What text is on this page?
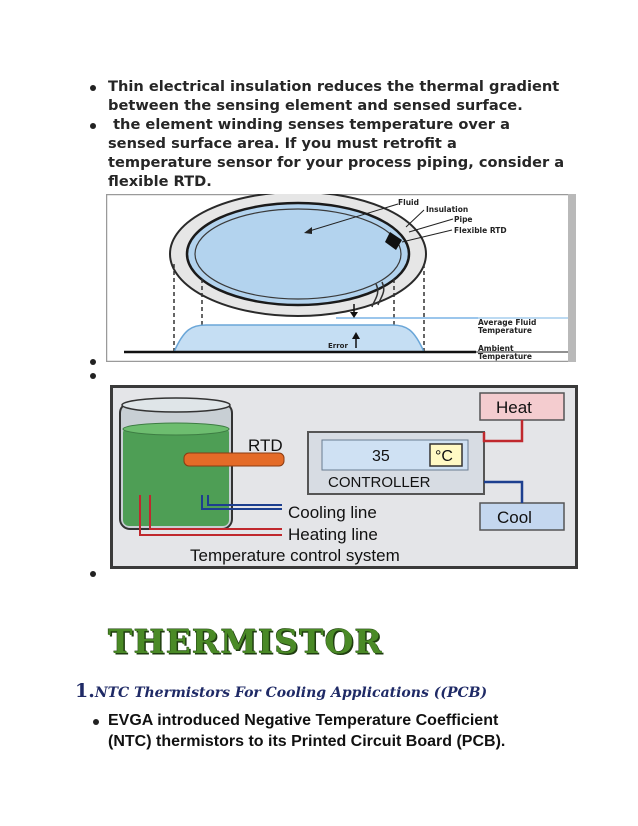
Thin electrical insulation reduces the thermal gradient
between the sensing element and sensed surface.
the element winding senses temperature over a
sensed surface area. If you must retrofit a
temperature sensor for your process piping, consider a
flexible RTD.
Fluid
Insulation
Pipe
Flexible RTD
Average Fluid
Temperature
Error	Ambient
Temperature
RTD
35	°C
CONTROLLER
Heat
Cool
Cooling line
Heating line
Temperature control system
THERMISTOR
1.NTC Thermistors For Cooling Applications ((PCB)
EVGA introduced Negative Temperature Coefficient
(NTC) thermistors to its Printed Circuit Board (PCB).
